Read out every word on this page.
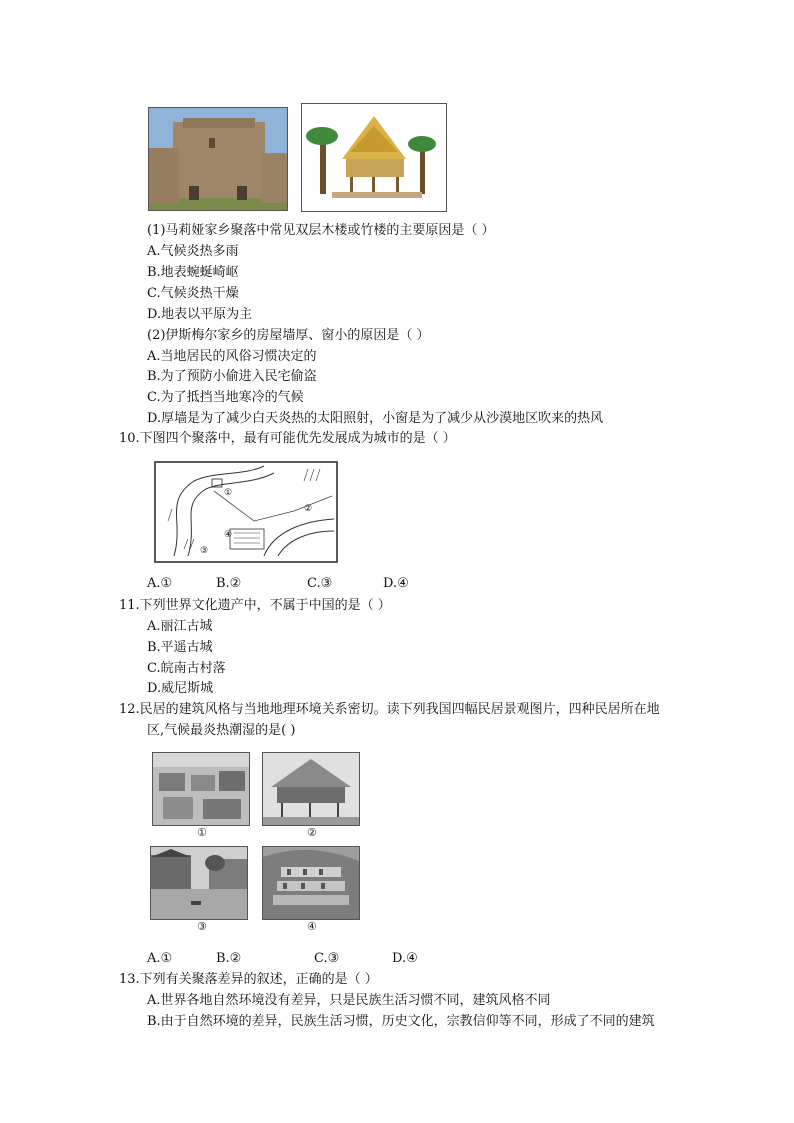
(1)马莉娅家乡聚落中常见双层木楼或竹楼的主要原因是（ ）
A.气候炎热多雨
B.地表蜿蜒崎岖
C.气候炎热干燥
D.地表以平原为主
(2)伊斯梅尔家乡的房屋墙厚、窗小的原因是（ ）
A.当地居民的风俗习惯决定的
B.为了预防小偷进入民宅偷盗
C.为了抵挡当地寒冷的气候
D.厚墙是为了减少白天炎热的太阳照射，小窗是为了减少从沙漠地区吹来的热风
10.下图四个聚落中，最有可能优先发展成为城市的是（ ）
①
②
③
④
A.①	B.②	C.③	D.④
11.下列世界文化遗产中，不属于中国的是（ ）
A.丽江古城
B.平遥古城
C.皖南古村落
D.威尼斯城
12.民居的建筑风格与当地地理环境关系密切。读下列我国四幅民居景观图片，四种民居所在地
区,气候最炎热潮湿的是( )
①	②
③	④
A.①	B.②	C.③	D.④
13.下列有关聚落差异的叙述，正确的是（ ）
A.世界各地自然环境没有差异，只是民族生活习惯不同，建筑风格不同
B.由于自然环境的差异，民族生活习惯，历史文化，宗教信仰等不同，形成了不同的建筑
